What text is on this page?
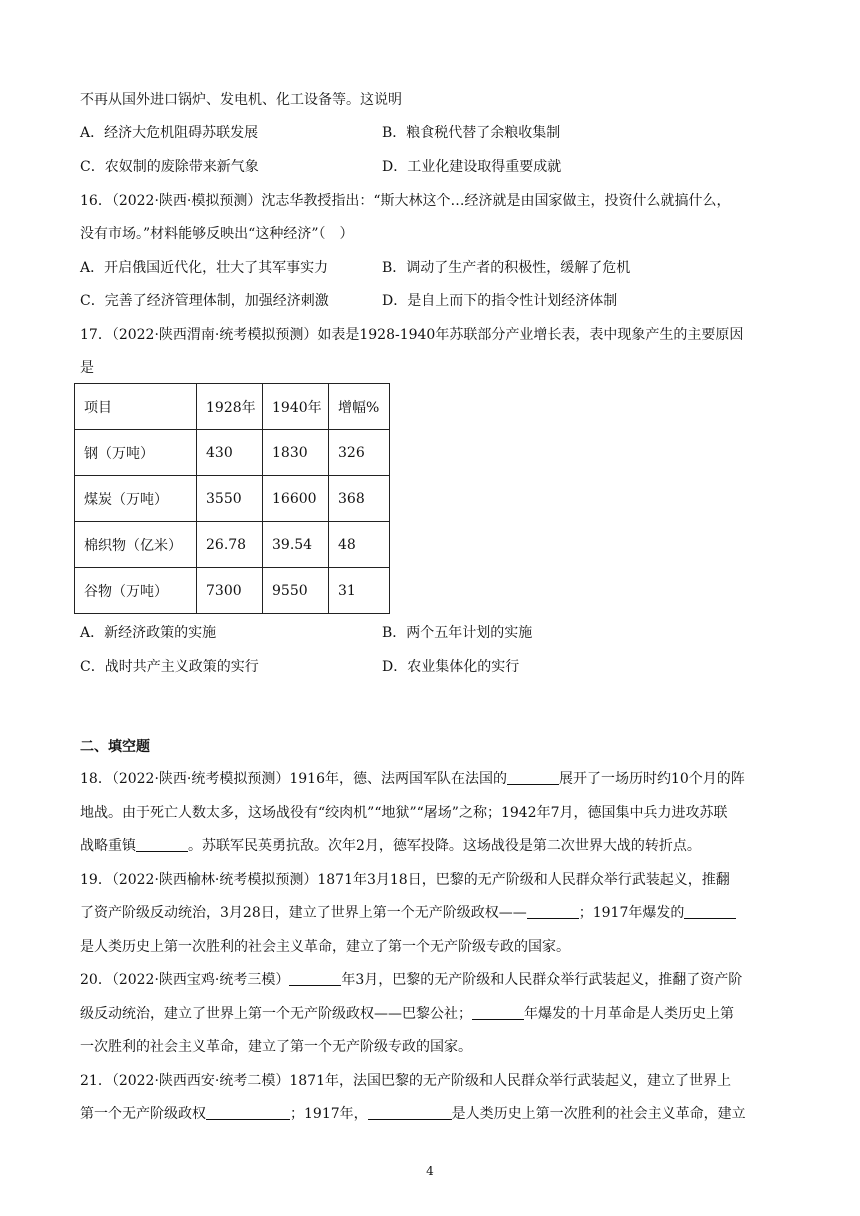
不再从国外进口锅炉、发电机、化工设备等。这说明
A．经济大危机阻碍苏联发展	B．粮食税代替了余粮收集制
C．农奴制的废除带来新气象	D．工业化建设取得重要成就
16．（2022·陕西·模拟预测）沈志华教授指出：“斯大林这个…经济就是由国家做主，投资什么就搞什么，
没有市场。”材料能够反映出“这种经济”（　）
A．开启俄国近代化，壮大了其军事实力	B．调动了生产者的积极性，缓解了危机
C．完善了经济管理体制，加强经济刺激	D．是自上而下的指令性计划经济体制
17．（2022·陕西渭南·统考模拟预测）如表是1928-1940年苏联部分产业增长表，表中现象产生的主要原因
是
项目	1928年	1940年	增幅%
钢（万吨）	430	1830	326
煤炭（万吨）	3550	16600	368
棉织物（亿米）	26.78	39.54	48
谷物（万吨）	7300	9550	31
A．新经济政策的实施	B．两个五年计划的实施
C．战时共产主义政策的实行	D．农业集体化的实行
二、填空题
18．（2022·陕西·统考模拟预测）1916年，德、法两国军队在法国的	展开了一场历时约10个月的阵
地战。由于死亡人数太多，这场战役有“绞肉机”“地狱”“屠场”之称；1942年7月，德国集中兵力进攻苏联
战略重镇	。苏联军民英勇抗敌。次年2月，德军投降。这场战役是第二次世界大战的转折点。
19．（2022·陕西榆林·统考模拟预测）1871年3月18日，巴黎的无产阶级和人民群众举行武装起义，推翻
了资产阶级反动统治，3月28日，建立了世界上第一个无产阶级政权——	；1917年爆发的
是人类历史上第一次胜利的社会主义革命，建立了第一个无产阶级专政的国家。
20．（2022·陕西宝鸡·统考三模）	年3月，巴黎的无产阶级和人民群众举行武装起义，推翻了资产阶
级反动统治，建立了世界上第一个无产阶级政权——巴黎公社；	年爆发的十月革命是人类历史上第
一次胜利的社会主义革命，建立了第一个无产阶级专政的国家。
21．（2022·陕西西安·统考二模）1871年，法国巴黎的无产阶级和人民群众举行武装起义，建立了世界上
第一个无产阶级政权	；1917年，	是人类历史上第一次胜利的社会主义革命，建立
4
